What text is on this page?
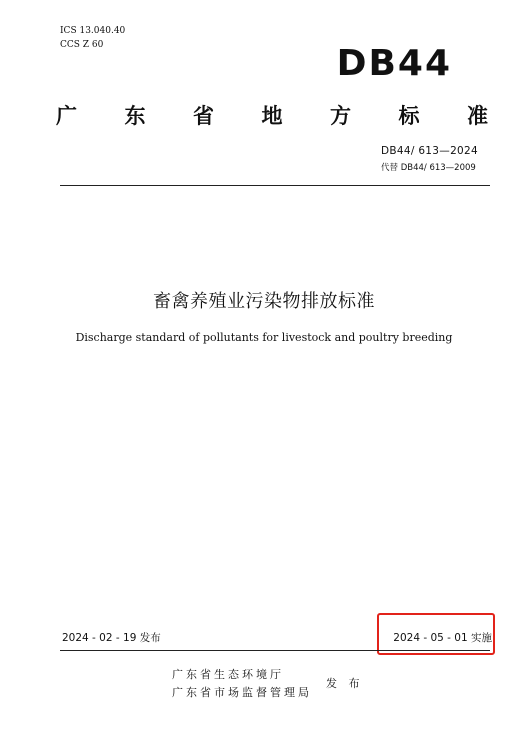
ICS 13.040.40
CCS Z 60	DB44
广 东 省 地 方 标 准
DB44/ 613—2024
代替 DB44/ 613—2009
畜禽养殖业污染物排放标准
Discharge standard of pollutants for livestock and poultry breeding
2024 - 02 - 19 发布	2024 - 05 - 01 实施
广东省生态环境厅
广东省市场监督管理局
发 布
